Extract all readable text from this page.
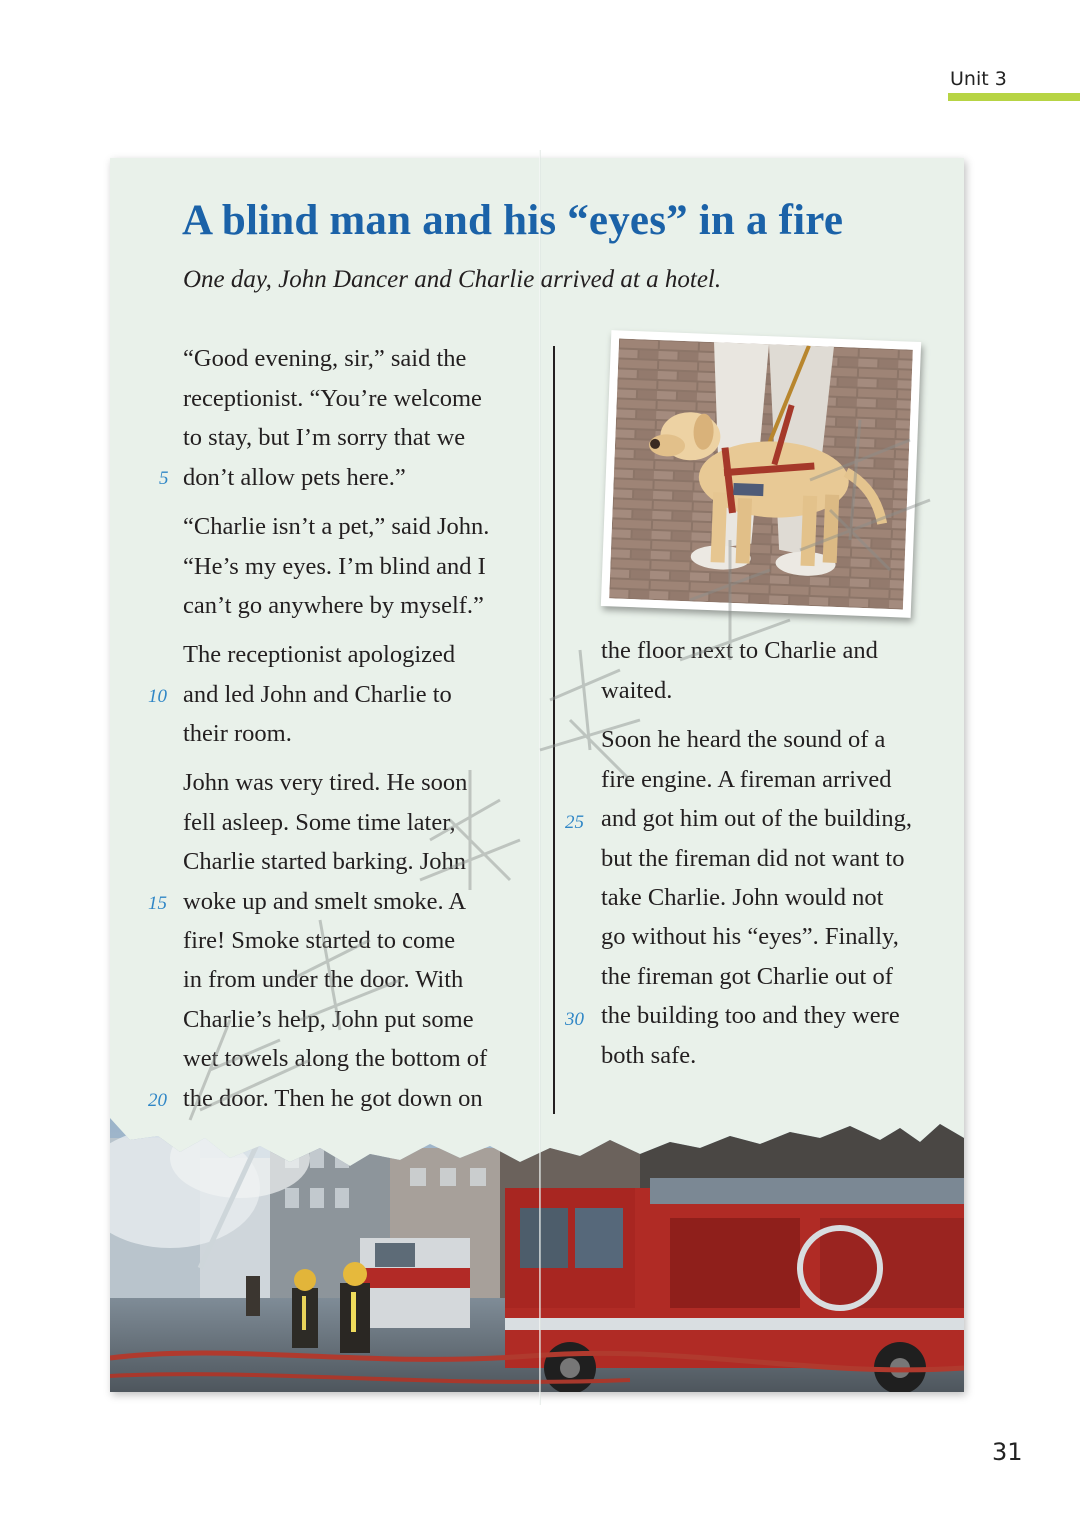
Unit 3
A blind man and his “eyes” in a fire
One day, John Dancer and Charlie arrived at a hotel.
5
10
15
20
“Good evening, sir,” said the
receptionist. “You’re welcome
to stay, but I’m sorry that we
don’t allow pets here.”
“Charlie isn’t a pet,” said John.
“He’s my eyes. I’m blind and I
can’t go anywhere by myself.”
The receptionist apologized
and led John and Charlie to
their room.
John was very tired. He soon
fell asleep. Some time later,
Charlie started barking. John
woke up and smelt smoke. A
fire! Smoke started to come
in from under the door. With
Charlie’s help, John put some
wet towels along the bottom of
the door. Then he got down on
25
30
the floor next to Charlie and
waited.
Soon he heard the sound of a
fire engine. A fireman arrived
and got him out of the building,
but the fireman did not want to
take Charlie. John would not
go without his “eyes”. Finally,
the fireman got Charlie out of
the building too and they were
both safe.
31
